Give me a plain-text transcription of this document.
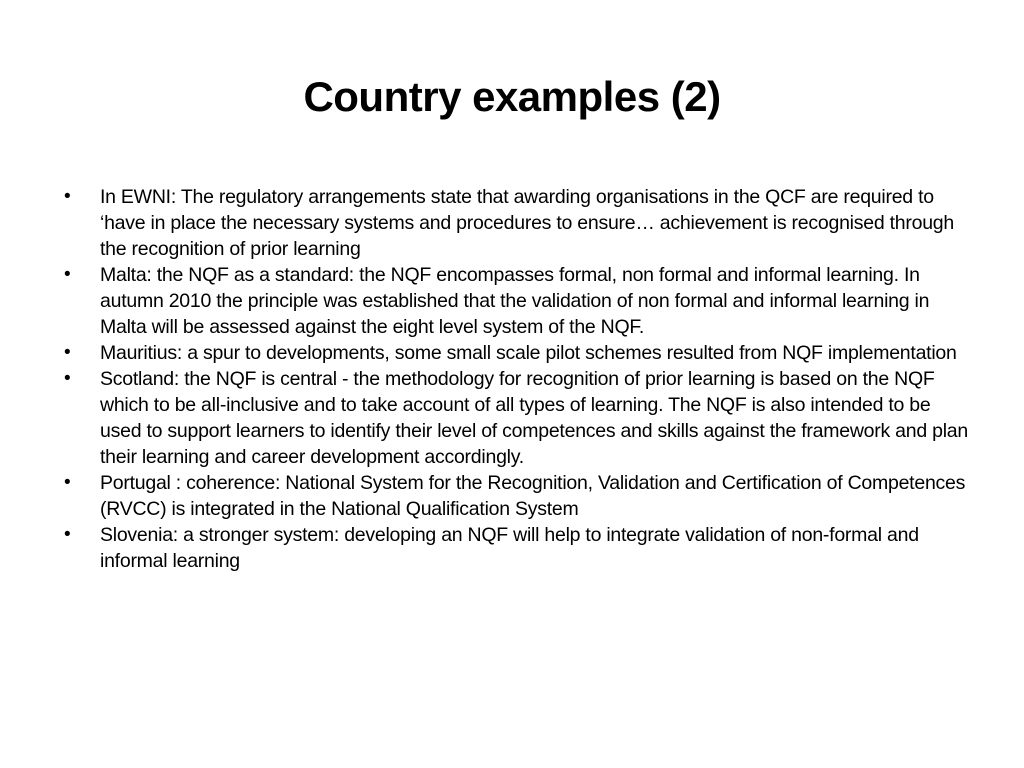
Country examples (2)
• In EWNI: The regulatory arrangements state that awarding organisations in the QCF are required to ‘have in place the necessary systems and procedures to ensure… achievement is recognised through the recognition of prior learning
• Malta: the NQF as a standard: the NQF encompasses formal, non formal and informal learning. In autumn 2010 the principle was established that the validation of non formal and informal learning in Malta will be assessed against the eight level system of the NQF.
• Mauritius: a spur to developments, some small scale pilot schemes resulted from NQF implementation
• Scotland: the NQF is central - the methodology for recognition of prior learning is based on the NQF which to be all-inclusive and to take account of all types of learning. The NQF is also intended to be used to support learners to identify their level of competences and skills against the framework and plan their learning and career development accordingly.
• Portugal : coherence: National System for the Recognition, Validation and Certification of Competences (RVCC) is integrated in the National Qualification System
• Slovenia: a stronger system: developing an NQF will help to integrate validation of non-formal and informal learning
